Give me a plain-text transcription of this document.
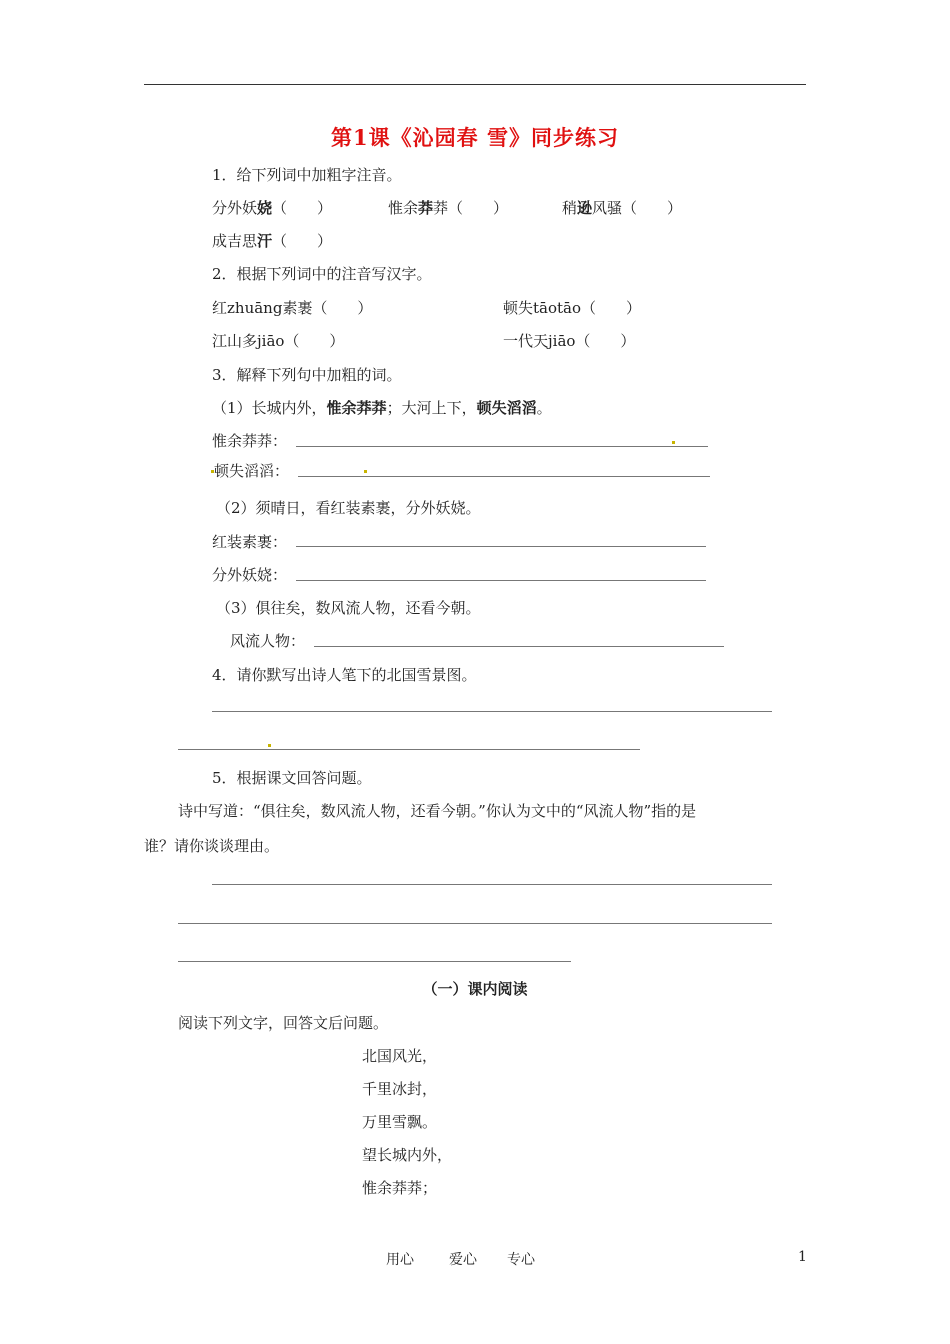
第1课《沁园春 雪》同步练习
1．给下列词中加粗字注音。
分外妖娆（　　）	惟余莽莽（　　）	稍逊风骚（　　）
成吉思汗（　　）
2．根据下列词中的注音写汉字。
红zhuāng素裹（　　）	顿失tāotāo（　　）
江山多jiāo（　　）	一代天jiāo（　　）
3．解释下列句中加粗的词。
（1）长城内外，惟余莽莽；大河上下，顿失滔滔。
惟余莽莽：
顿失滔滔：
（2）须晴日，看红装素裹，分外妖娆。
红装素裹：
分外妖娆：
（3）俱往矣，数风流人物，还看今朝。
风流人物：
4．请你默写出诗人笔下的北国雪景图。
5．根据课文回答问题。
诗中写道：“俱往矣，数风流人物，还看今朝。”你认为文中的“风流人物”指的是
谁？请你谈谈理由。
（一）课内阅读
阅读下列文字，回答文后问题。
北国风光，
千里冰封，
万里雪飘。
望长城内外，
惟余莽莽；
用心	爱心 专心	1
